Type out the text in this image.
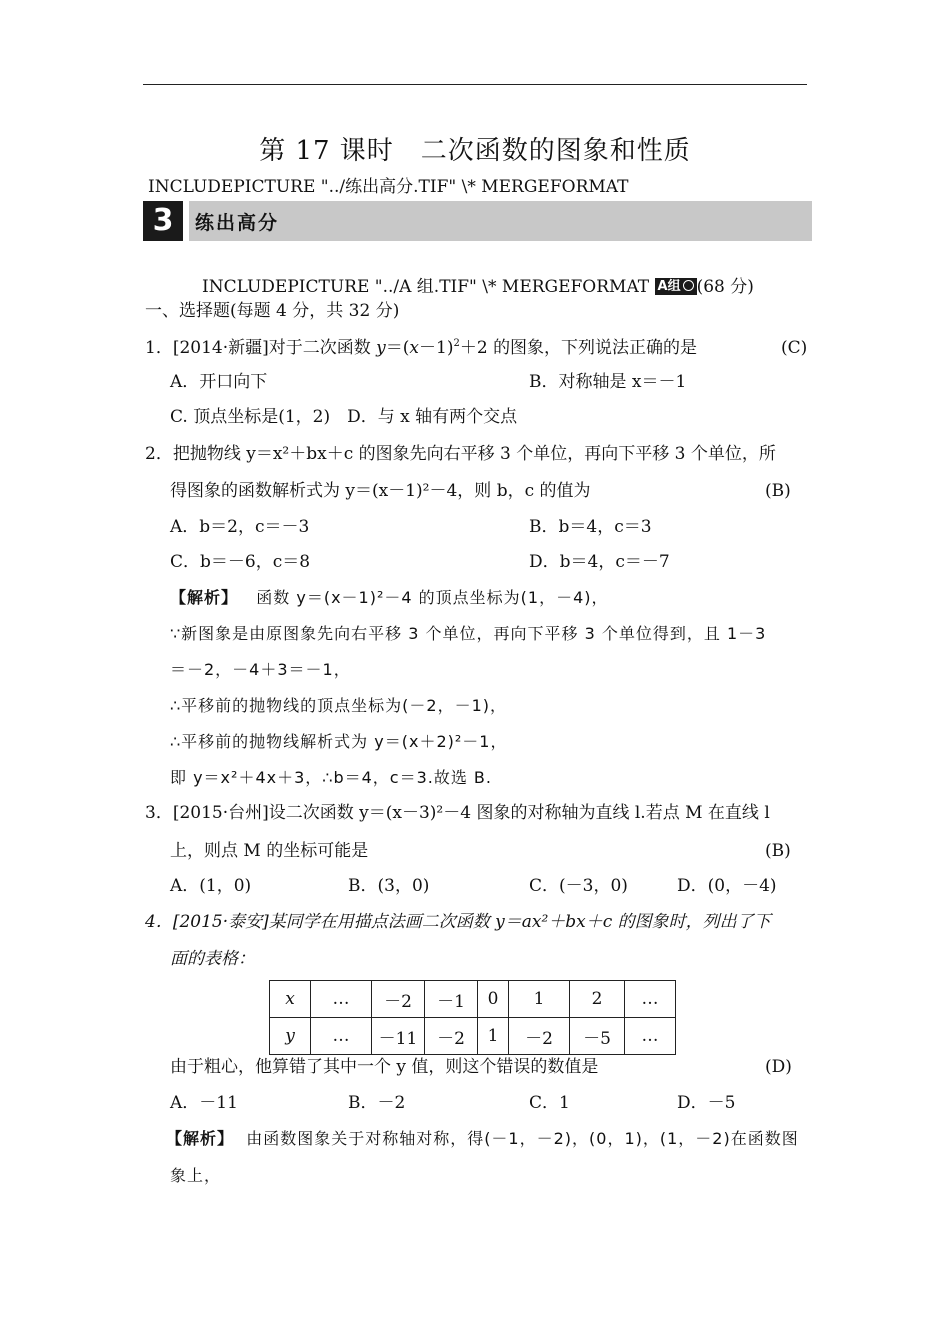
第 17 课时　二次函数的图象和性质
INCLUDEPICTURE "../练出高分.TIF" \* MERGEFORMAT
3	练出高分
INCLUDEPICTURE "../A 组.TIF" \* MERGEFORMAT A组 (68 分)
一、选择题(每题 4 分，共 32 分)
1．[2014·新疆]对于二次函数 $y=(x-1)^2+2$ 的图象，下列说法正确的是	(C)
A．开口向下	B．对称轴是 x＝－1
C. 顶点坐标是(1，2)　D．与 x 轴有两个交点
2．把抛物线 y＝x²＋bx＋c 的图象先向右平移 3 个单位，再向下平移 3 个单位，所
得图象的函数解析式为 y＝(x－1)²－4，则 b，c 的值为	(B)
A．b＝2，c＝－3	B．b＝4，c＝3
C．b＝－6，c＝8	D．b＝4，c＝－7
【解析】 函数 y＝(x－1)²－4 的顶点坐标为(1，－4)，
∵新图象是由原图象先向右平移 3 个单位，再向下平移 3 个单位得到，且 1－3
＝－2，－4＋3＝－1，
∴平移前的抛物线的顶点坐标为(－2，－1)，
∴平移前的抛物线解析式为 y＝(x＋2)²－1，
即 y＝x²＋4x＋3，∴b＝4，c＝3.故选 B.
3．[2015·台州]设二次函数 y＝(x－3)²－4 图象的对称轴为直线 l.若点 M 在直线 l
上，则点 M 的坐标可能是	(B)
A．(1，0)	B．(3，0)	C．(－3，0)	D．(0，－4)
4．[2015·泰安]某同学在用描点法画二次函数 y＝ax²＋bx＋c 的图象时，列出了下
面的表格：
x	…	－2	－1	0	1	2	…
y	…	－11	－2	1	－2	－5	…
由于粗心，他算错了其中一个 y 值，则这个错误的数值是	(D)
A．－11	B．－2	C．1	D．－5
【解析】 由函数图象关于对称轴对称，得(－1，－2)，(0，1)，(1，－2)在函数图
象上，
